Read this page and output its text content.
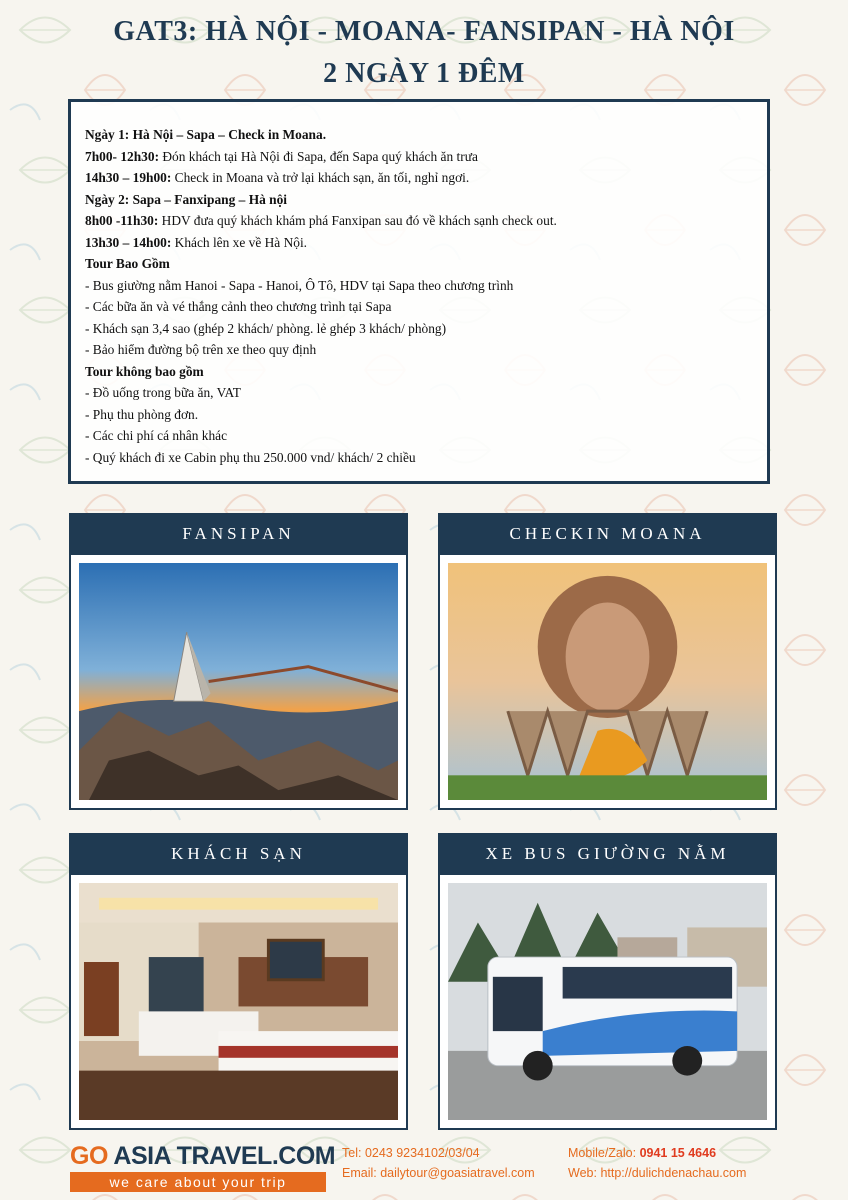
GAT3: HÀ NỘI - MOANA- FANSIPAN - HÀ NỘI
2 NGÀY 1 ĐÊM
Ngày 1: Hà Nội – Sapa – Check in Moana.
7h00- 12h30: Đón khách tại Hà Nội đi Sapa, đến Sapa quý khách ăn trưa
14h30 – 19h00: Check in Moana và trở lại khách sạn, ăn tối, nghỉ ngơi.
Ngày 2: Sapa – Fanxipang – Hà nội
8h00 -11h30: HDV đưa quý khách khám phá Fanxipan sau đó về khách sạnh check out.
13h30 – 14h00: Khách lên xe về Hà Nội.
Tour Bao Gồm
- Bus giường nằm Hanoi - Sapa - Hanoi, Ô Tô, HDV tại Sapa theo chương trình
- Các bữa ăn và vé thắng cảnh theo chương trình tại Sapa
- Khách sạn 3,4 sao (ghép 2 khách/ phòng. lẻ ghép 3 khách/ phòng)
- Bảo hiểm đường bộ trên xe theo quy định
Tour không bao gồm
- Đồ uống trong bữa ăn, VAT
- Phụ thu phòng đơn.
- Các chi phí cá nhân khác
- Quý khách đi xe Cabin phụ thu 250.000 vnd/ khách/ 2 chiều
FANSIPAN	CHECKIN MOANA
KHÁCH SẠN	XE BUS GIƯỜNG NẰM
GO ASIA TRAVEL.COM
we care about your trip
Tel: 0243 9234102/03/04
Email: dailytour@goasiatravel.com
Mobile/Zalo: 0941 15 4646
Web: http://dulichdenachau.com
